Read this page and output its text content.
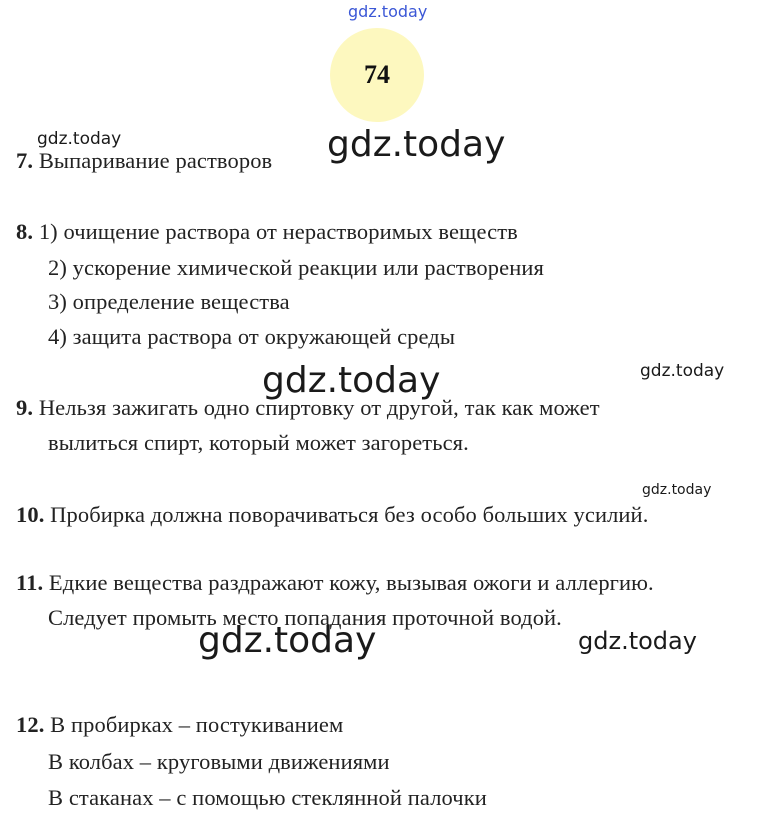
74
gdz.today
7. Выпаривание растворов
8. 1) очищение раствора от нерастворимых веществ
2) ускорение химической реакции или растворения
3) определение вещества
4) защита раствора от окружающей среды
9. Нельзя зажигать одно спиртовку от другой, так как может
вылиться спирт, который может загореться.
10. Пробирка должна поворачиваться без особо больших усилий.
11. Едкие вещества раздражают кожу, вызывая ожоги и аллергию.
Следует промыть место попадания проточной водой.
12. В пробирках – постукиванием
В колбах – круговыми движениями
В стаканах – с помощью стеклянной палочки
gdz.today	gdz.today
gdz.today	gdz.today
gdz.today
gdz.today	gdz.today
